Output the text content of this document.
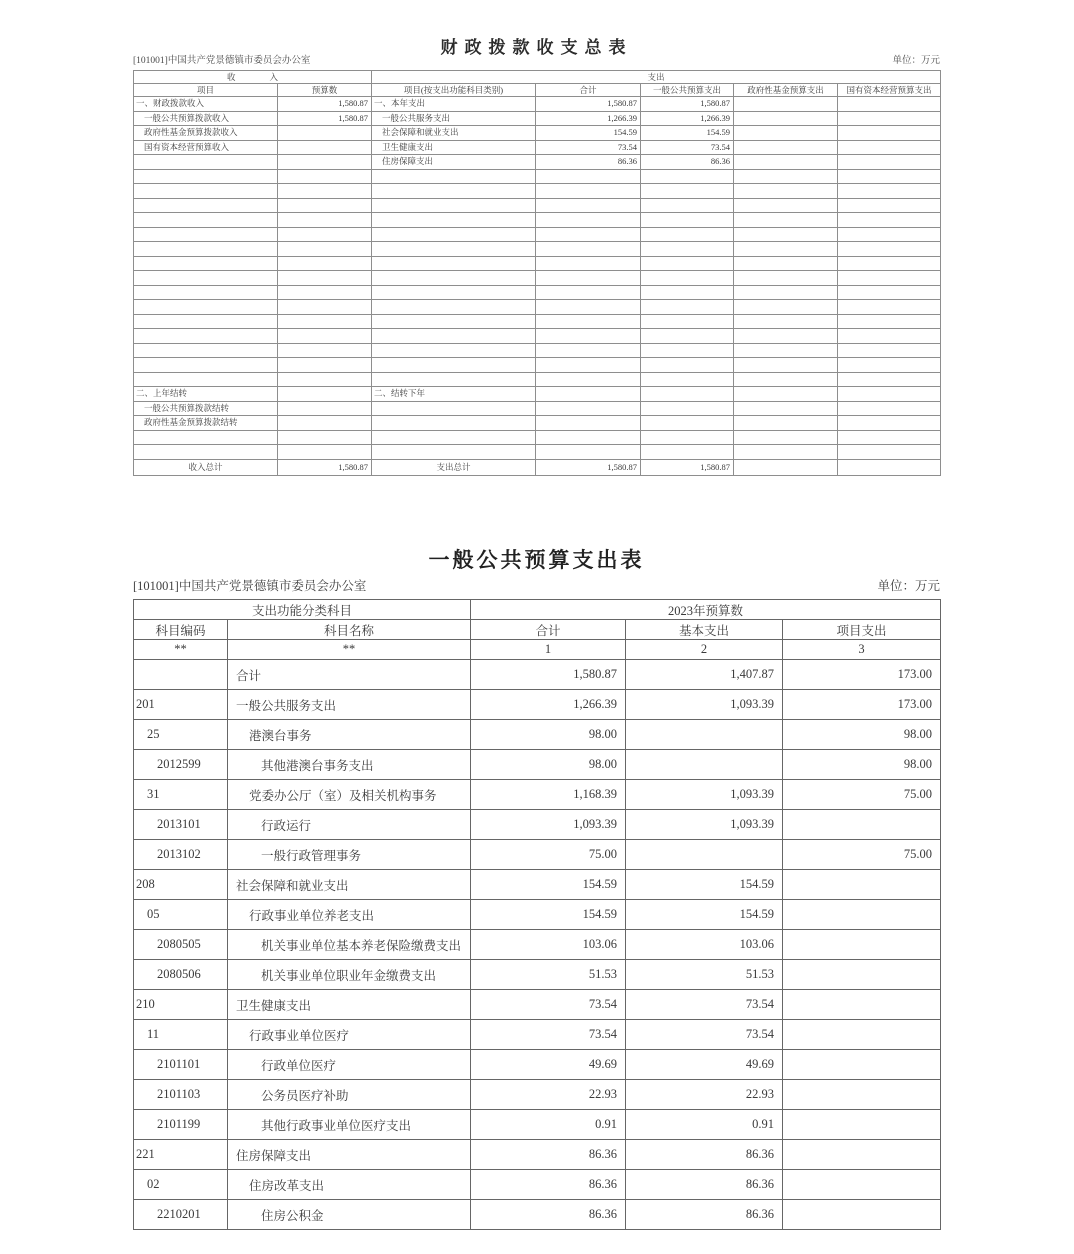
财政拨款收支总表
[101001]中国共产党景德镇市委员会办公室	单位：万元
收　　　　入		支出				
项目	预算数	项目(按支出功能科目类别)	合计	一般公共预算支出	政府性基金预算支出	国有资本经营预算支出
一、财政拨款收入	1,580.87	一、本年支出	1,580.87	1,580.87		
一般公共预算拨款收入	1,580.87	一般公共服务支出	1,266.39	1,266.39		
政府性基金预算拨款收入		社会保障和就业支出	154.59	154.59		
国有资本经营预算收入		卫生健康支出	73.54	73.54		
		住房保障支出	86.36	86.36		

二、上年结转		二、结转下年				
一般公共预算拨款结转						
政府性基金预算拨款结转						

收入总计	1,580.87	支出总计	1,580.87	1,580.87		
一般公共预算支出表
[101001]中国共产党景德镇市委员会办公室	单位：万元
支出功能分类科目		2023年预算数		
科目编码	科目名称	合计	基本支出	项目支出
**	**	1	2	3
	合计	1,580.87	1,407.87	173.00
201	一般公共服务支出	1,266.39	1,093.39	173.00
25	港澳台事务	98.00		98.00
2012599	其他港澳台事务支出	98.00		98.00
31	党委办公厅（室）及相关机构事务	1,168.39	1,093.39	75.00
2013101	行政运行	1,093.39	1,093.39	
2013102	一般行政管理事务	75.00		75.00
208	社会保障和就业支出	154.59	154.59	
05	行政事业单位养老支出	154.59	154.59	
2080505	机关事业单位基本养老保险缴费支出	103.06	103.06	
2080506	机关事业单位职业年金缴费支出	51.53	51.53	
210	卫生健康支出	73.54	73.54	
11	行政事业单位医疗	73.54	73.54	
2101101	行政单位医疗	49.69	49.69	
2101103	公务员医疗补助	22.93	22.93	
2101199	其他行政事业单位医疗支出	0.91	0.91	
221	住房保障支出	86.36	86.36	
02	住房改革支出	86.36	86.36	
2210201	住房公积金	86.36	86.36	
